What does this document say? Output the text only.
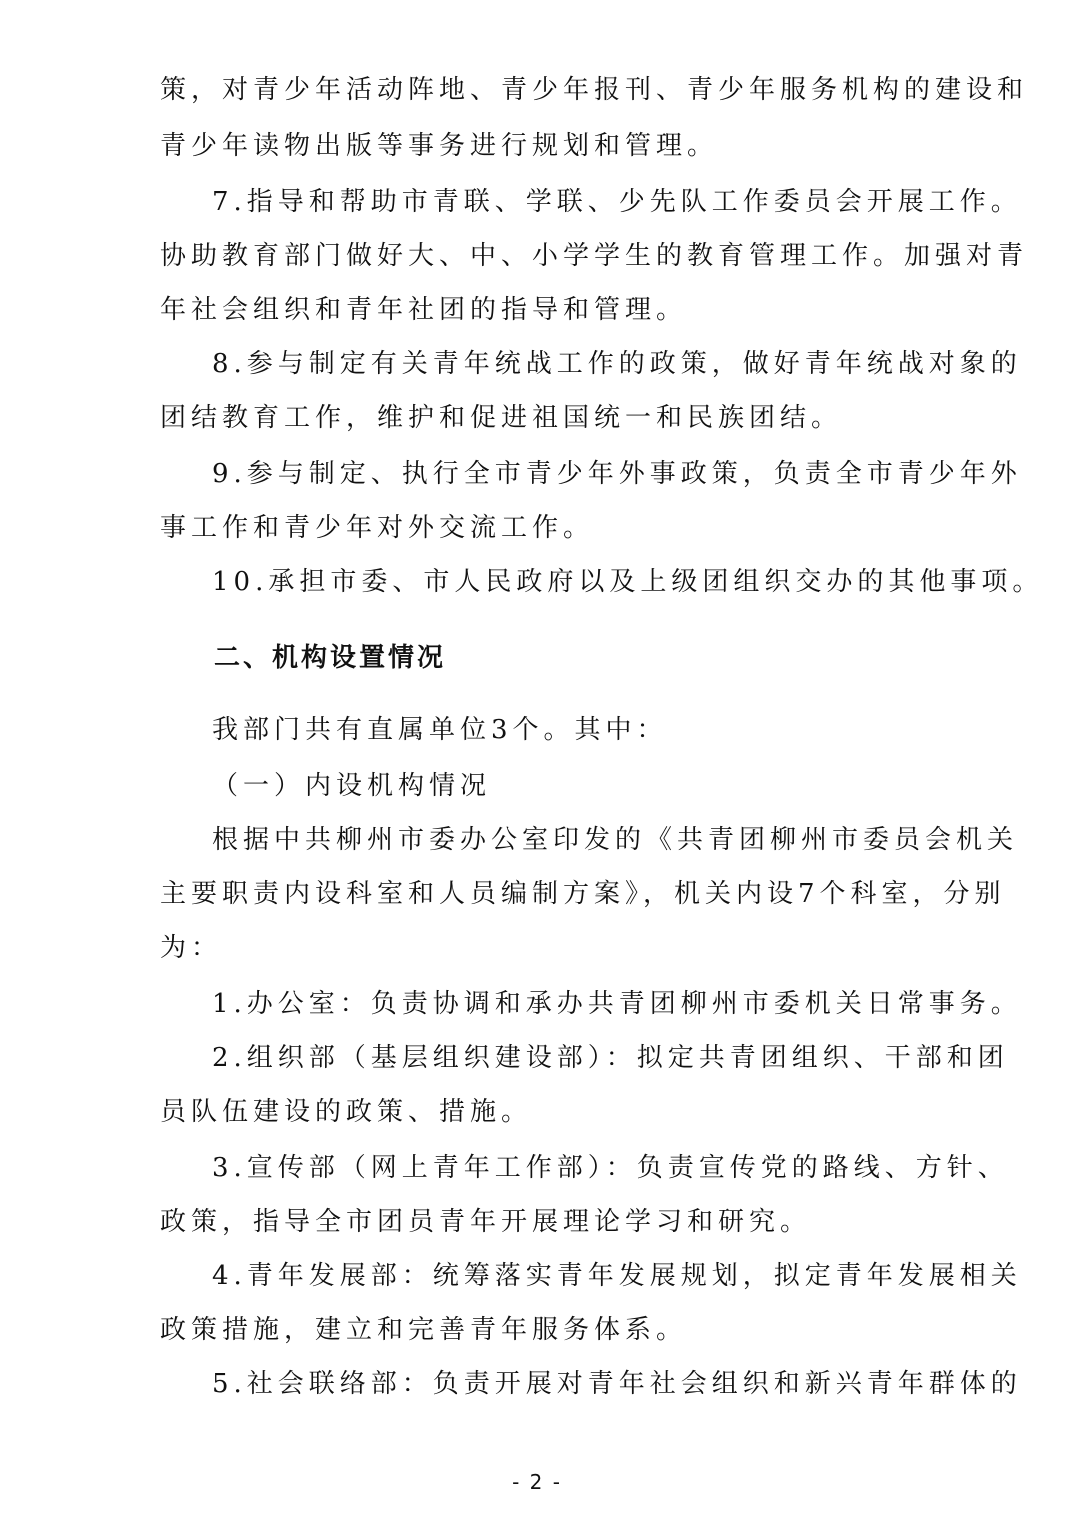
策，对青少年活动阵地、青少年报刊、青少年服务机构的建设和
青少年读物出版等事务进行规划和管理。
7.指导和帮助市青联、学联、少先队工作委员会开展工作。
协助教育部门做好大、中、小学学生的教育管理工作。加强对青
年社会组织和青年社团的指导和管理。
8.参与制定有关青年统战工作的政策，做好青年统战对象的
团结教育工作，维护和促进祖国统一和民族团结。
9.参与制定、执行全市青少年外事政策，负责全市青少年外
事工作和青少年对外交流工作。
10.承担市委、市人民政府以及上级团组织交办的其他事项。
二、机构设置情况
我部门共有直属单位3个。其中：
（一）内设机构情况
根据中共柳州市委办公室印发的《共青团柳州市委员会机关
主要职责内设科室和人员编制方案》，机关内设7个科室，分别
为：
1.办公室：负责协调和承办共青团柳州市委机关日常事务。
2.组织部（基层组织建设部）：拟定共青团组织、干部和团
员队伍建设的政策、措施。
3.宣传部（网上青年工作部）：负责宣传党的路线、方针、
政策，指导全市团员青年开展理论学习和研究。
4.青年发展部：统筹落实青年发展规划，拟定青年发展相关
政策措施，建立和完善青年服务体系。
5.社会联络部：负责开展对青年社会组织和新兴青年群体的
- 2 -
